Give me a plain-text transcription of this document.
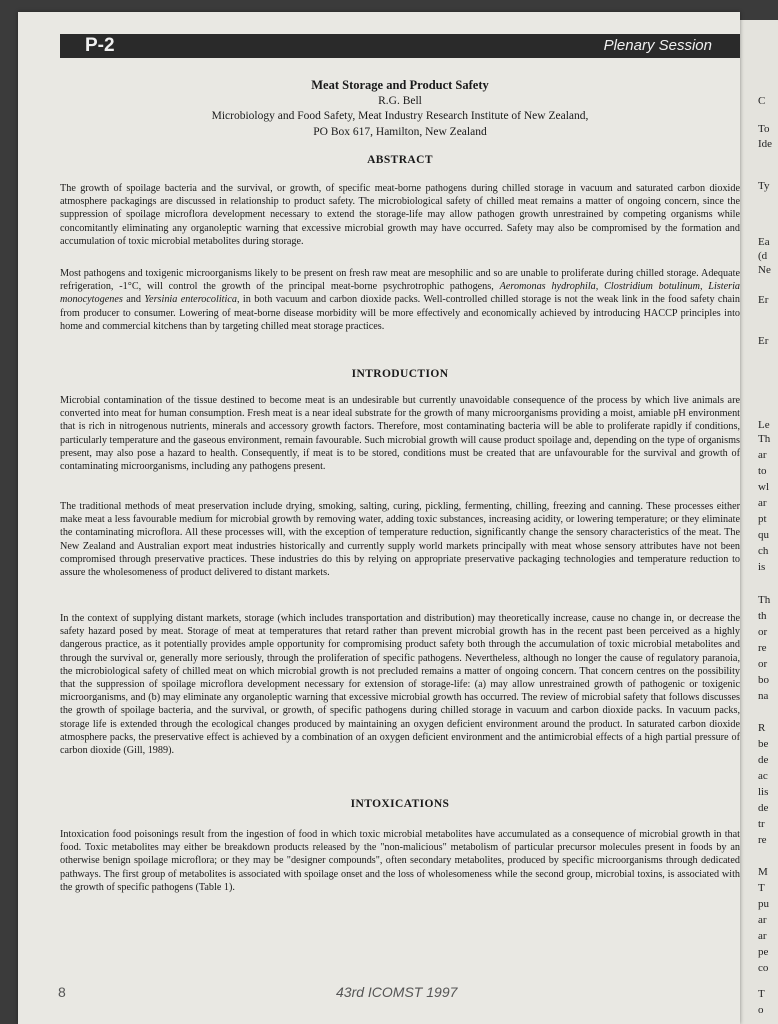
C
To
Ide
Ty
Ea
(d
Ne
Er
Er
Le
Th
ar
to
wl
ar
pt
qu
ch
is
Th
th
or
re
or
bo
na
R
be
de
ac
lis
de
tr
re
M
T
pu
ar
ar
pe
co
T
o
P-2	Plenary Session
Meat Storage and Product Safety
R.G. Bell
Microbiology and Food Safety, Meat Industry Research Institute of New Zealand,
PO Box 617, Hamilton, New Zealand
ABSTRACT
The growth of spoilage bacteria and the survival, or growth, of specific meat-borne pathogens during chilled storage in vacuum and saturated carbon dioxide atmosphere packagings are discussed in relationship to product safety. The microbiological safety of chilled meat remains a matter of ongoing concern, since the suppression of spoilage microflora development necessary to extend the storage-life may allow pathogen growth unrestrained by competing organisms while concomitantly eliminating any organoleptic warning that excessive microbial growth may have occurred. Safety may also be compromised by the formation and accumulation of toxic microbial metabolites during storage.
Most pathogens and toxigenic microorganisms likely to be present on fresh raw meat are mesophilic and so are unable to proliferate during chilled storage. Adequate refrigeration, -1°C, will control the growth of the principal meat-borne psychrotrophic pathogens, Aeromonas hydrophila, Clostridium botulinum, Listeria monocytogenes and Yersinia enterocolitica, in both vacuum and carbon dioxide packs. Well-controlled chilled storage is not the weak link in the food safety chain from producer to consumer. Lowering of meat-borne disease morbidity will be more effectively and economically achieved by introducing HACCP principles into home and commercial kitchens than by targeting chilled meat storage practices.
INTRODUCTION
Microbial contamination of the tissue destined to become meat is an undesirable but currently unavoidable consequence of the process by which live animals are converted into meat for human consumption. Fresh meat is a near ideal substrate for the growth of many microorganisms providing a moist, amiable pH environment that is rich in nitrogenous nutrients, minerals and accessory growth factors. Therefore, most contaminating bacteria will be able to proliferate rapidly if conditions, particularly temperature and the gaseous environment, remain favourable. Such microbial growth will cause product spoilage and, depending on the type of organisms present, may also pose a hazard to health. Consequently, if meat is to be stored, conditions must be created that are unfavourable for the survival and growth of contaminating microorganisms, including any pathogens present.
The traditional methods of meat preservation include drying, smoking, salting, curing, pickling, fermenting, chilling, freezing and canning. These processes either make meat a less favourable medium for microbial growth by removing water, adding toxic substances, increasing acidity, or lowering temperature; or they eliminate the contaminating microflora. All these processes will, with the exception of temperature reduction, significantly change the sensory characteristics of the meat. The New Zealand and Australian export meat industries historically and currently supply world markets principally with meat whose sensory attributes have not been compromised through preservative practices. These industries do this by relying on appropriate preservative packaging technologies and temperature reduction to assure the wholesomeness of product delivered to distant markets.
In the context of supplying distant markets, storage (which includes transportation and distribution) may theoretically increase, cause no change in, or decrease the safety hazard posed by meat. Storage of meat at temperatures that retard rather than prevent microbial growth has in the recent past been perceived as a highly dangerous practice, as it potentially provides ample opportunity for compromising product safety both through the accumulation of toxic microbial metabolites and through the survival or, generally more seriously, through the proliferation of specific pathogens. Nevertheless, although no longer the cause of regulatory paranoia, the microbiological safety of chilled meat on which microbial growth is not precluded remains a matter of ongoing concern. That concern centres on the possibility that the suppression of spoilage microflora development necessary for extension of storage-life: (a) may allow unrestrained growth of pathogenic or toxigenic microorganisms, and (b) may eliminate any organoleptic warning that excessive microbial growth has occurred. The review of microbial safety that follows discusses the growth of spoilage bacteria, and the survival, or growth, of specific pathogens during chilled storage in vacuum and carbon dioxide packs. In vacuum packs, storage life is extended through the ecological changes produced by maintaining an oxygen deficient environment around the product. In saturated carbon dioxide atmosphere packs, the preservative effect is achieved by a combination of an oxygen deficient environment and the antimicrobial effects of a high partial pressure of carbon dioxide (Gill, 1989).
INTOXICATIONS
Intoxication food poisonings result from the ingestion of food in which toxic microbial metabolites have accumulated as a consequence of microbial growth in that food. Toxic metabolites may either be breakdown products released by the "non-malicious" metabolism of particular precursor molecules present in foods by an otherwise benign spoilage microflora; or they may be "designer compounds", often secondary metabolites, produced by specific microorganisms through dedicated pathways. The first group of metabolites is associated with spoilage onset and the loss of wholesomeness while the second group, microbial toxins, is associated with the growth of specific pathogens (Table 1).
8	43rd ICOMST 1997
